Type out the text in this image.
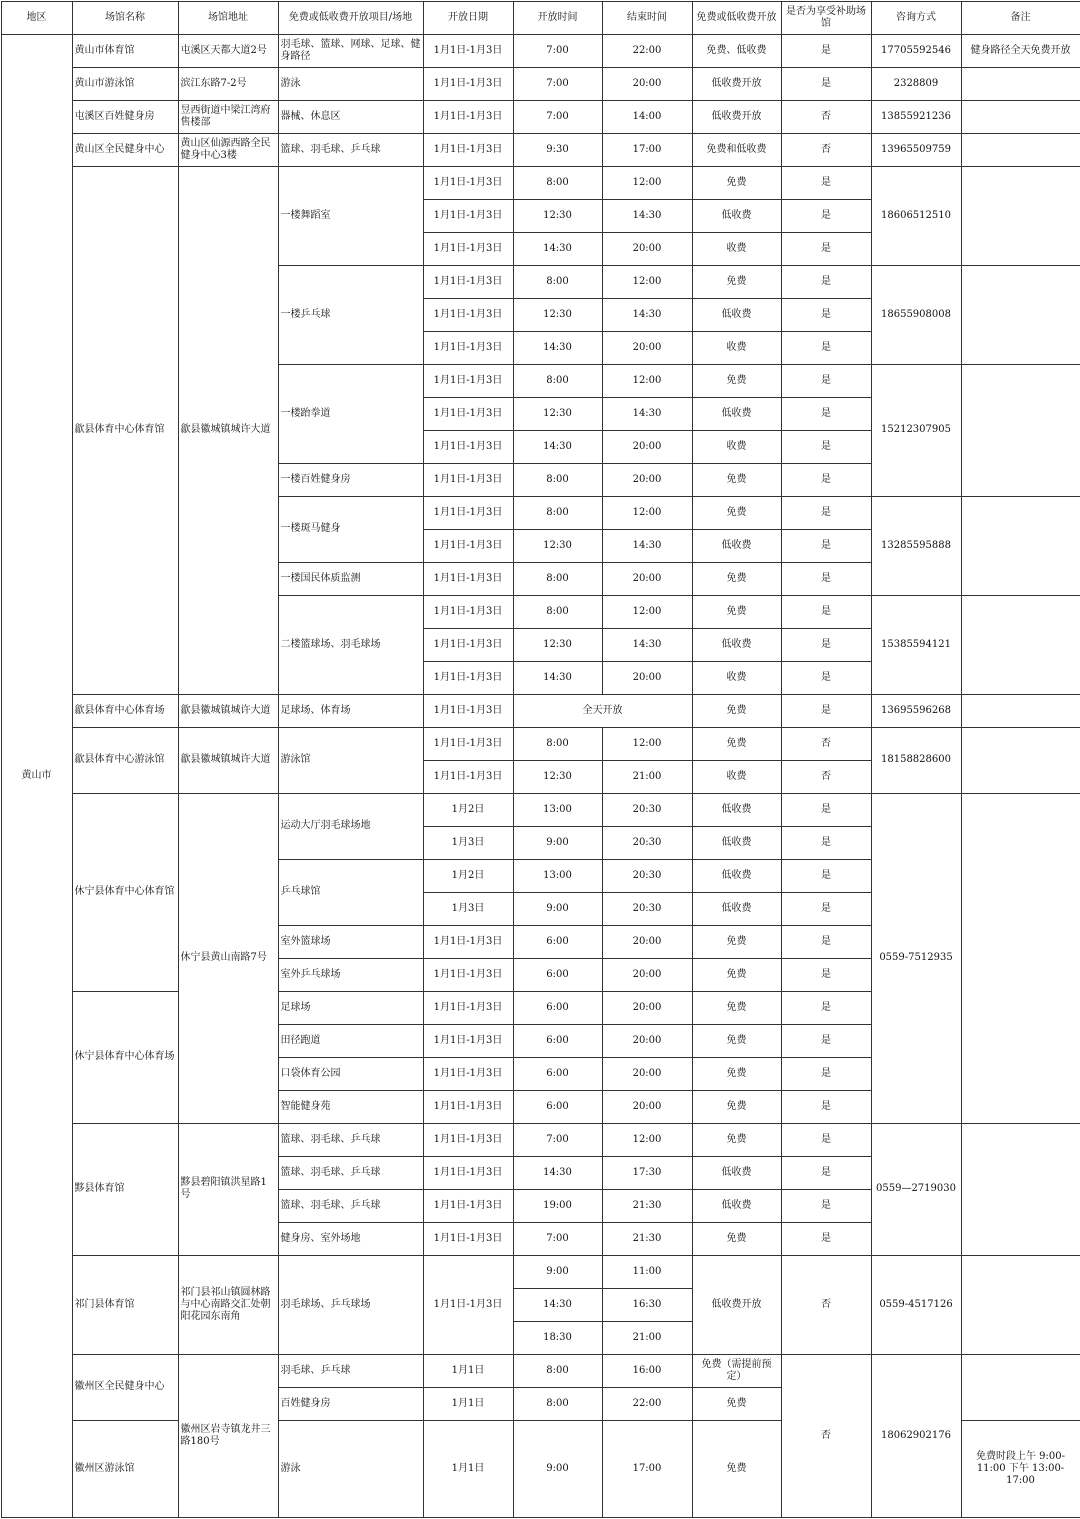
地区	场馆名称	场馆地址	免费或低收费开放项目/场地	开放日期	开放时间	结束时间	免费或低收费开放	是否为享受补助场馆	咨询方式	备注
黄山市	黄山市体育馆	屯溪区天都大道2号	羽毛球、篮球、网球、足球、健身路径	1月1日-1月3日	7:00	22:00	免费、低收费	是	17705592546	健身路径全天免费开放
	黄山市游泳馆	滨江东路7-2号	游泳	1月1日-1月3日	7:00	20:00	低收费开放	是	2328809	
	屯溪区百姓健身房	昱西街道中梁江湾府售楼部	器械、休息区	1月1日-1月3日	7:00	14:00	低收费开放	否	13855921236	
	黄山区全民健身中心	黄山区仙源西路全民健身中心3楼	篮球、羽毛球、乒乓球	1月1日-1月3日	9:30	17:00	免费和低收费	否	13965509759	
	歙县体育中心体育馆	歙县徽城镇城许大道	一楼舞蹈室	1月1日-1月3日	8:00	12:00	免费	是	18606512510	
				1月1日-1月3日	12:30	14:30	低收费	是		
				1月1日-1月3日	14:30	20:00	收费	是		
			一楼乒乓球	1月1日-1月3日	8:00	12:00	免费	是	18655908008	
				1月1日-1月3日	12:30	14:30	低收费	是		
				1月1日-1月3日	14:30	20:00	收费	是		
			一楼跆拳道	1月1日-1月3日	8:00	12:00	免费	是	15212307905	
				1月1日-1月3日	12:30	14:30	低收费	是		
				1月1日-1月3日	14:30	20:00	收费	是		
			一楼百姓健身房	1月1日-1月3日	8:00	20:00	免费	是		
			一楼斑马健身	1月1日-1月3日	8:00	12:00	免费	是	13285595888	
				1月1日-1月3日	12:30	14:30	低收费	是		
			一楼国民体质监测	1月1日-1月3日	8:00	20:00	免费	是		
			二楼篮球场、羽毛球场	1月1日-1月3日	8:00	12:00	免费	是	15385594121	
				1月1日-1月3日	12:30	14:30	低收费	是		
				1月1日-1月3日	14:30	20:00	收费	是		
	歙县体育中心体育场	歙县徽城镇城许大道	足球场、体育场	1月1日-1月3日	全天开放		免费	是	13695596268	
	歙县体育中心游泳馆	歙县徽城镇城许大道	游泳馆	1月1日-1月3日	8:00	12:00	免费	否	18158828600	
				1月1日-1月3日	12:30	21:00	收费	否		
	休宁县体育中心体育馆	休宁县黄山南路7号	运动大厅羽毛球场地	1月2日	13:00	20:30	低收费	是	0559-7512935	
				1月3日	9:00	20:30	低收费	是		
			乒乓球馆	1月2日	13:00	20:30	低收费	是		
				1月3日	9:00	20:30	低收费	是		
			室外篮球场	1月1日-1月3日	6:00	20:00	免费	是		
			室外乒乓球场	1月1日-1月3日	6:00	20:00	免费	是		
	休宁县体育中心体育场		足球场	1月1日-1月3日	6:00	20:00	免费	是		
			田径跑道	1月1日-1月3日	6:00	20:00	免费	是		
			口袋体育公园	1月1日-1月3日	6:00	20:00	免费	是		
			智能健身苑	1月1日-1月3日	6:00	20:00	免费	是		
	黟县体育馆	黟县碧阳镇洪星路1号	篮球、羽毛球、乒乓球	1月1日-1月3日	7:00	12:00	免费	是	0559—2719030	
			篮球、羽毛球、乒乓球	1月1日-1月3日	14:30	17:30	低收费	是		
			篮球、羽毛球、乒乓球	1月1日-1月3日	19:00	21:30	低收费	是		
			健身房、室外场地	1月1日-1月3日	7:00	21:30	免费	是		
	祁门县体育馆	祁门县祁山镇圆林路与中心南路交汇处朝阳花园东南角	羽毛球场、乒乓球场	1月1日-1月3日	9:00	11:00	低收费开放	否	0559-4517126	
					14:30	16:30				
					18:30	21:00				
	徽州区全民健身中心	徽州区岩寺镇龙井三路180号	羽毛球、乒乓球	1月1日	8:00	16:00	免费（需提前预定）	否	18062902176	
			百姓健身房	1月1日	8:00	22:00	免费			
	徽州区游泳馆		游泳	1月1日	9:00	17:00	免费			免费时段上午 9:00-11:00 下午 13:00-17:00
